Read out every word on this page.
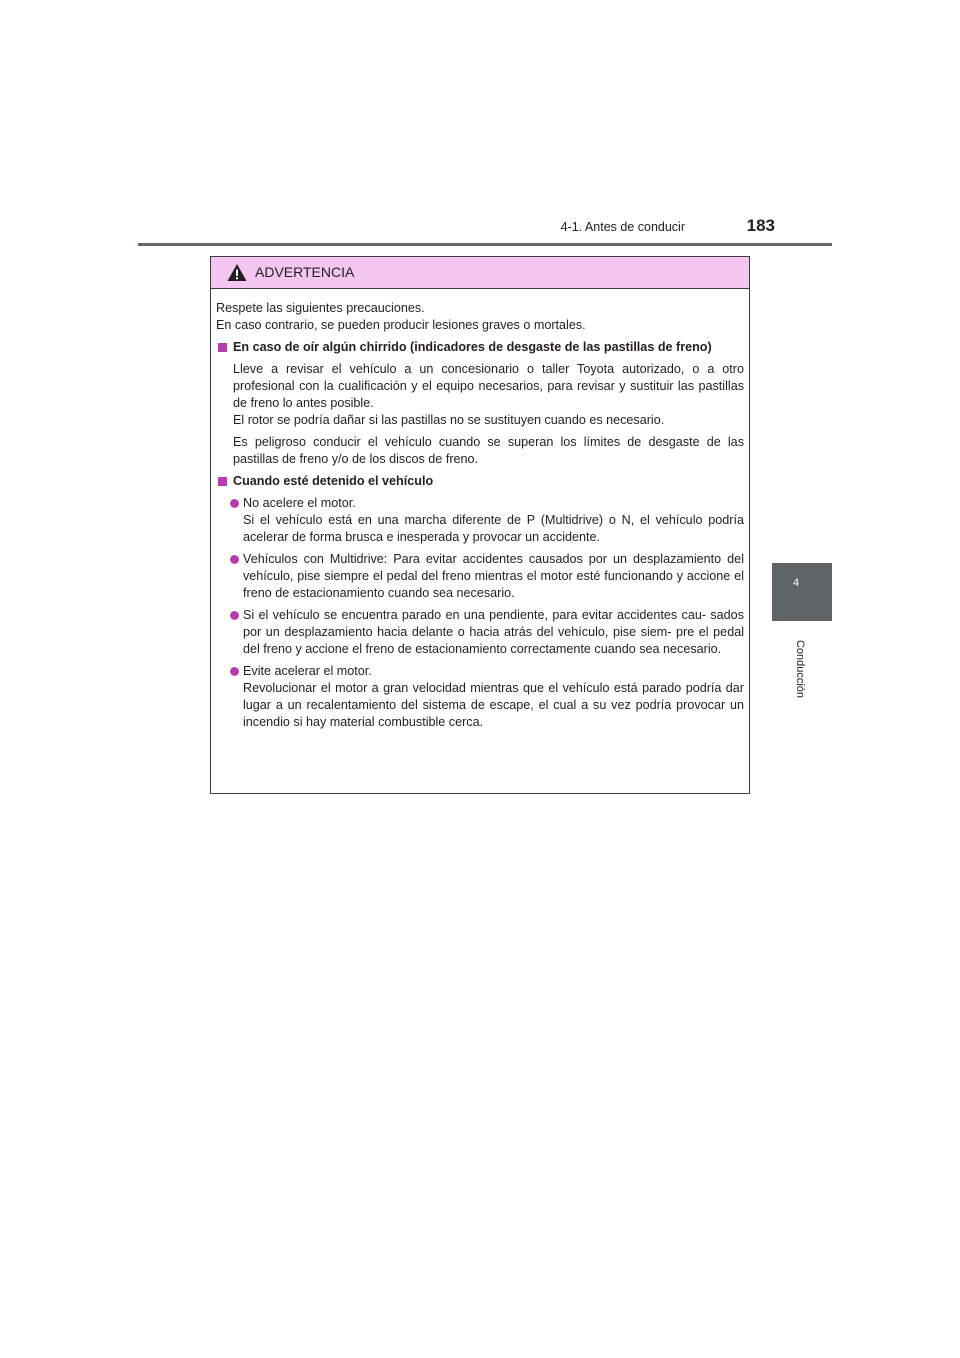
4-1. Antes de conducir	183
4
Conducción
ADVERTENCIA

Respete las siguientes precauciones.
En caso contrario, se pueden producir lesiones graves o mortales.

En caso de oír algún chirrido (indicadores de desgaste de las pastillas de freno)

Lleve a revisar el vehículo a un concesionario o taller Toyota autorizado, o a otro profesional con la cualificación y el equipo necesarios, para revisar y sustituir las pastillas de freno lo antes posible.
El rotor se podría dañar si las pastillas no se sustituyen cuando es necesario.

Es peligroso conducir el vehículo cuando se superan los límites de desgaste de las pastillas de freno y/o de los discos de freno.

Cuando esté detenido el vehículo

No acelere el motor.
Si el vehículo está en una marcha diferente de P (Multidrive) o N, el vehículo podría acelerar de forma brusca e inesperada y provocar un accidente.

Vehículos con Multidrive: Para evitar accidentes causados por un desplazamiento del vehículo, pise siempre el pedal del freno mientras el motor esté funcionando y accione el freno de estacionamiento cuando sea necesario.

Si el vehículo se encuentra parado en una pendiente, para evitar accidentes cau- sados por un desplazamiento hacia delante o hacia atrás del vehículo, pise siem- pre el pedal del freno y accione el freno de estacionamiento correctamente cuando sea necesario.

Evite acelerar el motor.
Revolucionar el motor a gran velocidad mientras que el vehículo está parado podría dar lugar a un recalentamiento del sistema de escape, el cual a su vez podría provocar un incendio si hay material combustible cerca.
